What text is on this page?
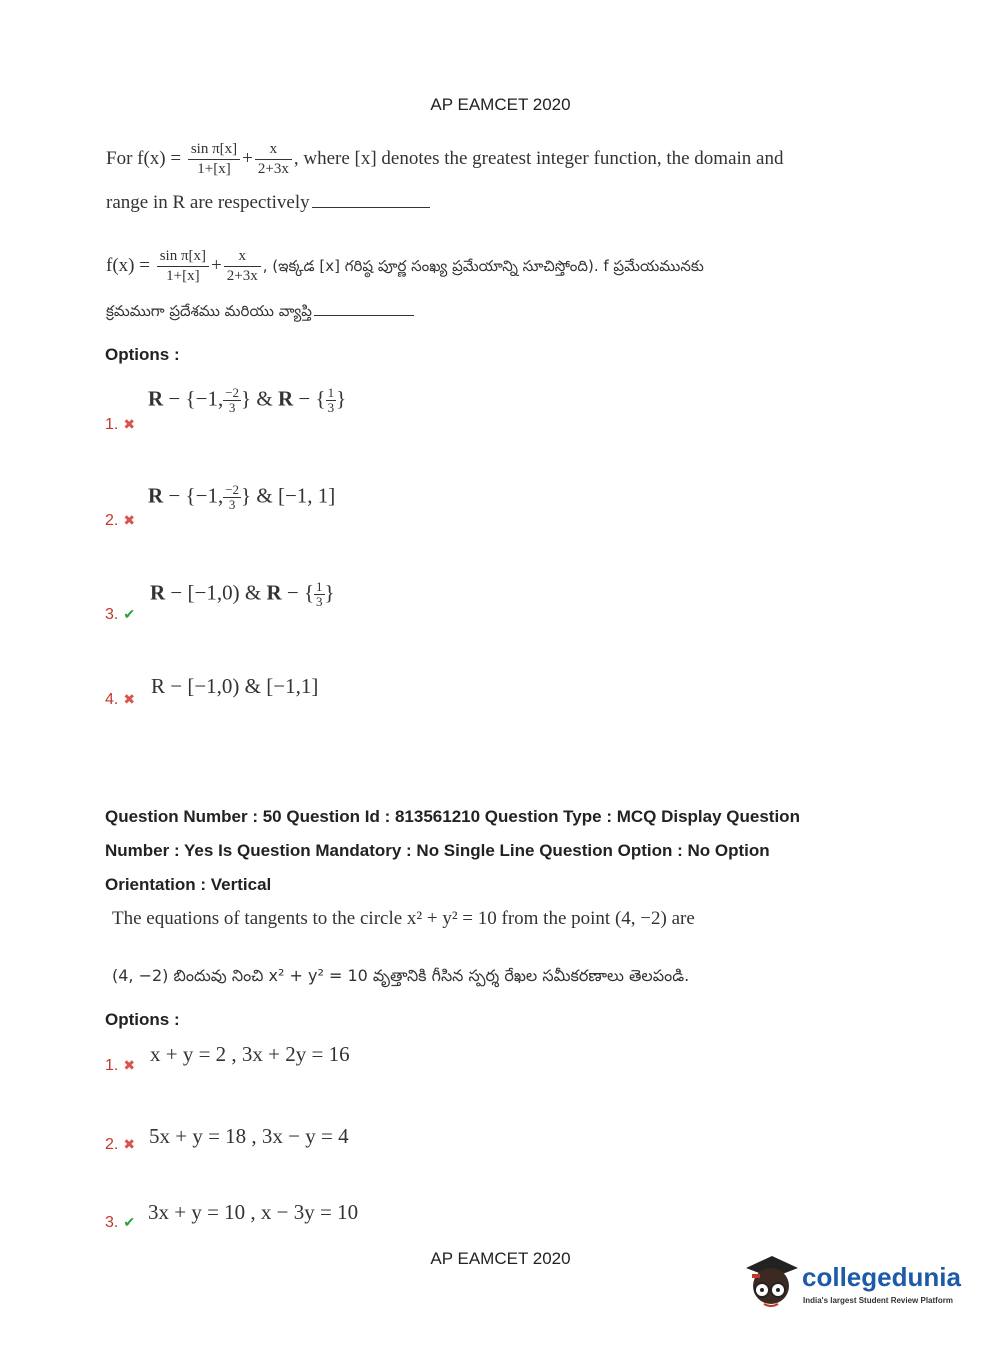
AP EAMCET 2020
For $f(x) = \frac{\text{sin π[x]}}{1+[x]} + \frac{x}{2+3x}$ , where [x] denotes the greatest integer function, the domain and
range in R are respectively
$f(x) = \frac{\text{sin π[x]}}{1+[x]} + \frac{x}{2+3x}$ , (ఇక్కడ [x] గరిష్ఠ పూర్ణ సంఖ్య ప్రమేయాన్ని సూచిస్తోంది). f ప్రమేయమునకు
క్రమముగా ప్రదేశము మరియు వ్యాప్తి
Options :
1. ✖
R − {−1, $\frac{-2}{3}$ } & R − { $\frac{1}{3}$ }
2. ✖
R − {−1, $\frac{-2}{3}$ } & [−1, 1]
3. ✔
R − [−1,0) & R − { $\frac{1}{3}$ }
4. ✖
R − [−1,0) & [−1,1]
Question Number : 50 Question Id : 813561210 Question Type : MCQ Display Question
Number : Yes Is Question Mandatory : No Single Line Question Option : No Option
Orientation : Vertical
The equations of tangents to the circle x² + y² = 10 from the point (4, −2) are
(4, −2) బిందువు నించి x² + y² = 10 వృత్తానికి గీసిన స్పర్శ రేఖల సమీకరణాలు తెలపండి.
Options :
1. ✖ x + y = 2 , 3x + 2y = 16
2. ✖ 5x + y = 18 , 3x − y = 4
3. ✔ 3x + y = 10 , x − 3y = 10
AP EAMCET 2020
collegedunia
India's largest Student Review Platform
